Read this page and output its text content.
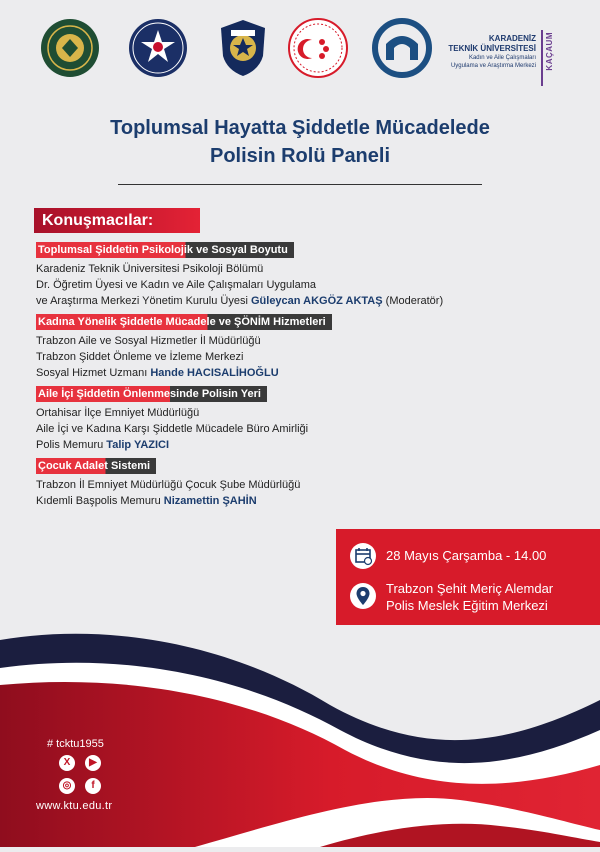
KARADENİZ
TEKNİK ÜNİVERSİTESİ
Kadın ve Aile Çalışmaları
Uygulama ve Araştırma Merkezi KAÇAUM
Toplumsal Hayatta Şiddetle Mücadelede
Polisin Rolü Paneli
Konuşmacılar:
Toplumsal Şiddetin Psikolojik ve Sosyal Boyutu
Karadeniz Teknik Üniversitesi Psikoloji Bölümü
Dr. Öğretim Üyesi ve Kadın ve Aile Çalışmaları Uygulama
ve Araştırma Merkezi Yönetim Kurulu Üyesi Güleycan AKGÖZ AKTAŞ (Moderatör)
Kadına Yönelik Şiddetle Mücadele ve ŞÖNİM Hizmetleri
Trabzon Aile ve Sosyal Hizmetler İl Müdürlüğü
Trabzon Şiddet Önleme ve İzleme Merkezi
Sosyal Hizmet Uzmanı Hande HACISALİHOĞLU
Aile İçi Şiddetin Önlenmesinde Polisin Yeri
Ortahisar İlçe Emniyet Müdürlüğü
Aile İçi ve Kadına Karşı Şiddetle Mücadele Büro Amirliği
Polis Memuru Talip YAZICI
Çocuk Adalet Sistemi
Trabzon İl Emniyet Müdürlüğü Çocuk Şube Müdürlüğü
Kıdemli Başpolis Memuru Nizamettin ŞAHİN
28 Mayıs Çarşamba - 14.00
Trabzon Şehit Meriç Alemdar
Polis Meslek Eğitim Merkezi
# tcktu1955
X	▶
◎	f
www.ktu.edu.tr
